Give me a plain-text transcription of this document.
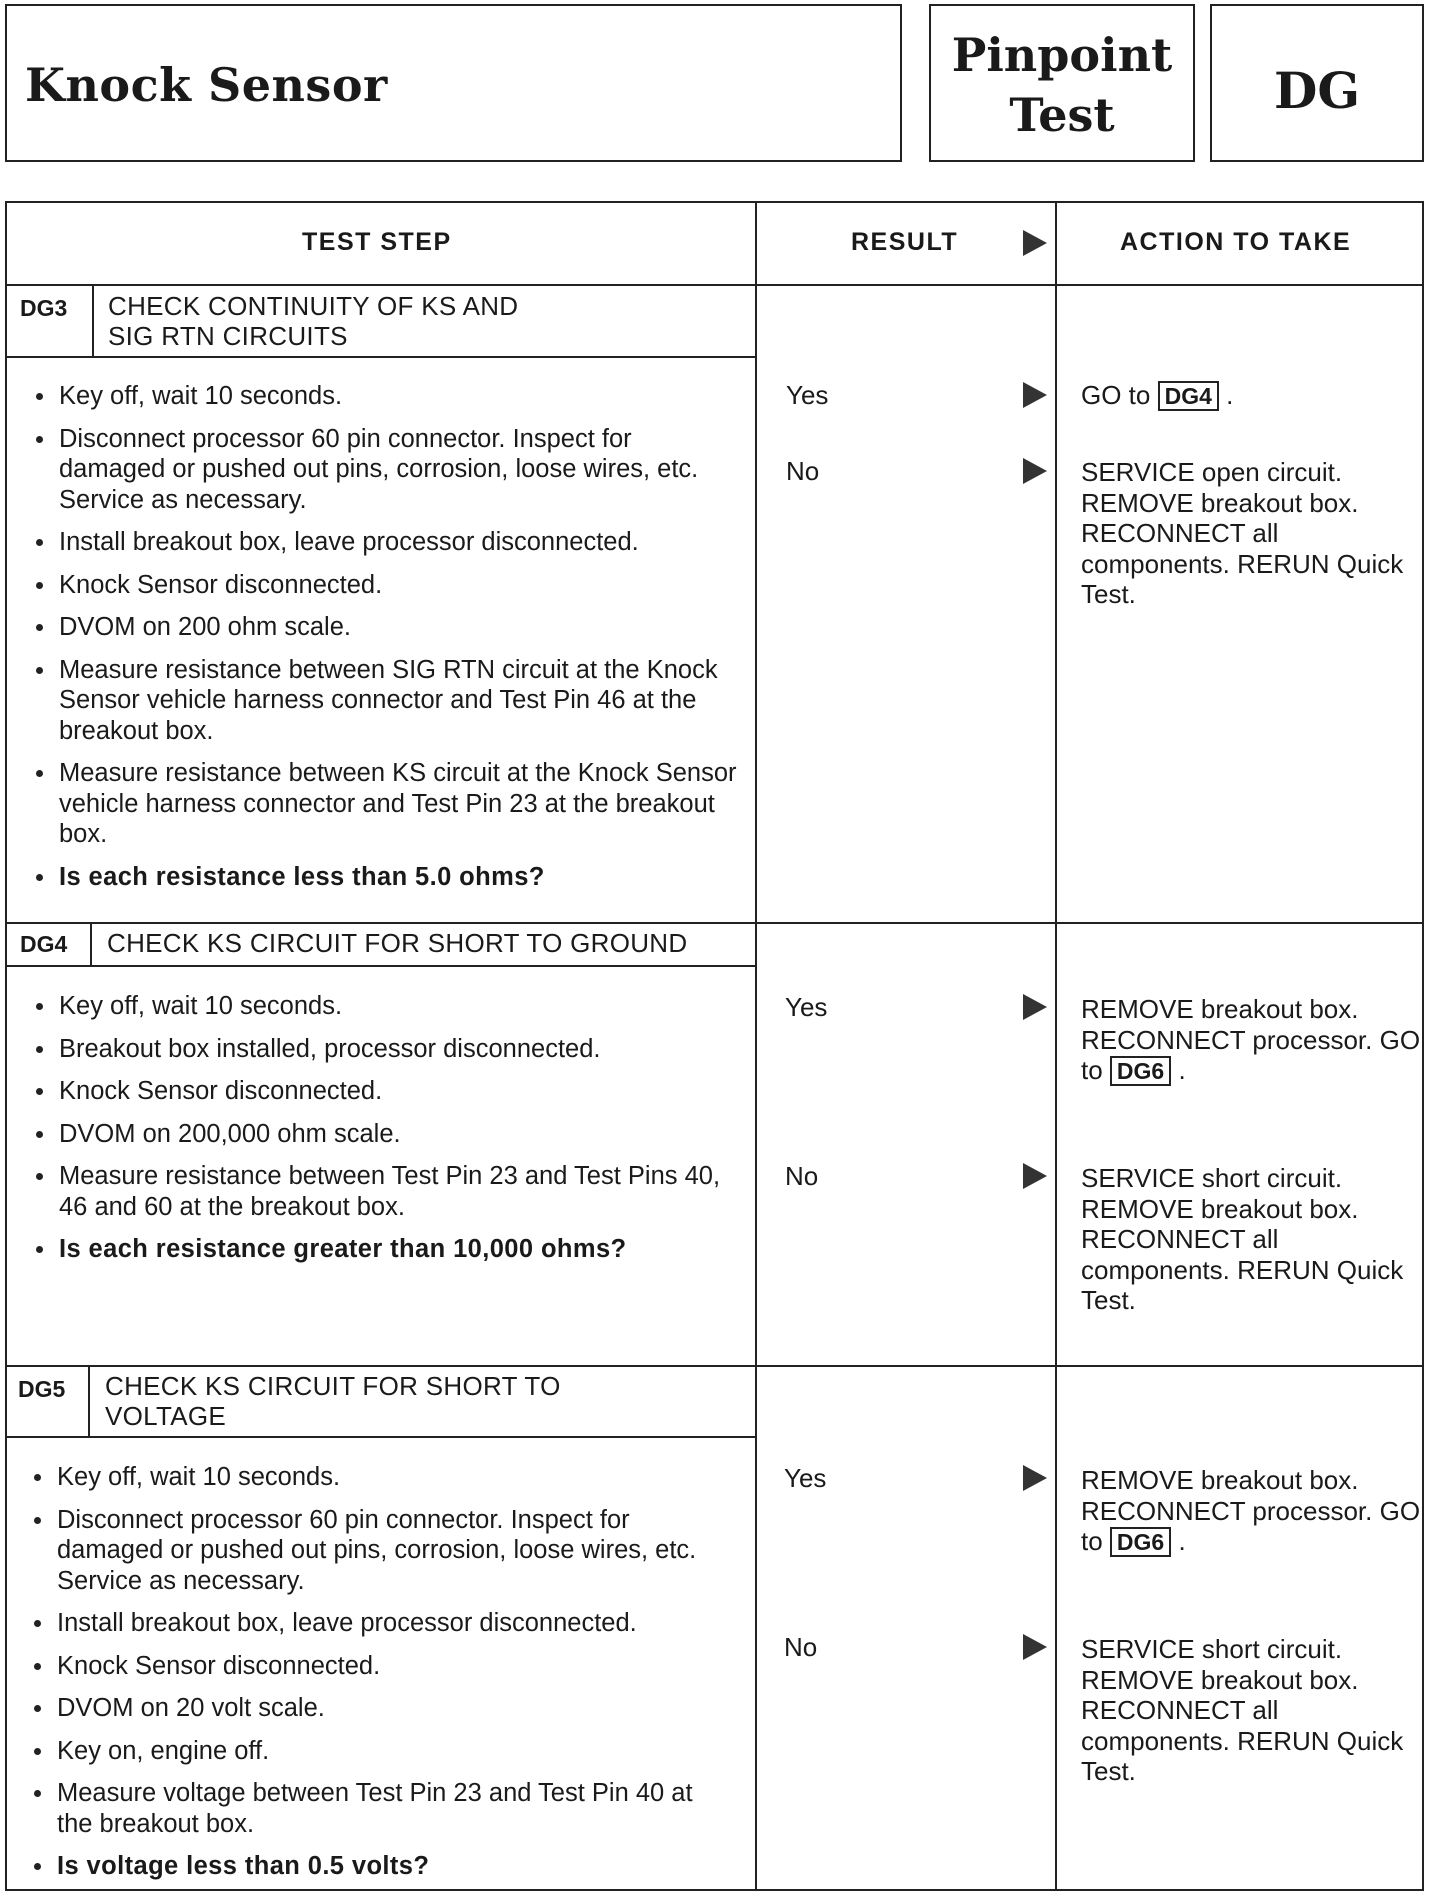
Knock Sensor
Pinpoint
Test	DG
TEST STEP	RESULT	ACTION TO TAKE
DG3 CHECK CONTINUITY OF KS AND
SIG RTN CIRCUITS
Key off, wait 10 seconds.
Disconnect processor 60 pin connector. Inspect for damaged or pushed out pins, corrosion, loose wires, etc. Service as necessary.
Install breakout box, leave processor disconnected.
Knock Sensor disconnected.
DVOM on 200 ohm scale.
Measure resistance between SIG RTN circuit at the Knock Sensor vehicle harness connector and Test Pin 46 at the breakout box.
Measure resistance between KS circuit at the Knock Sensor vehicle harness connector and Test Pin 23 at the breakout box.
Is each resistance less than 5.0 ohms?
Yes	GO to DG4 .
No	SERVICE open circuit. REMOVE breakout box. RECONNECT all components. RERUN Quick Test.
DG4 CHECK KS CIRCUIT FOR SHORT TO GROUND
Key off, wait 10 seconds.
Breakout box installed, processor disconnected.
Knock Sensor disconnected.
DVOM on 200,000 ohm scale.
Measure resistance between Test Pin 23 and Test Pins 40, 46 and 60 at the breakout box.
Is each resistance greater than 10,000 ohms?
Yes	REMOVE breakout box. RECONNECT processor. GO to DG6 .
No	SERVICE short circuit. REMOVE breakout box. RECONNECT all components. RERUN Quick Test.
DG5 CHECK KS CIRCUIT FOR SHORT TO
VOLTAGE
Key off, wait 10 seconds.
Disconnect processor 60 pin connector. Inspect for damaged or pushed out pins, corrosion, loose wires, etc. Service as necessary.
Install breakout box, leave processor disconnected.
Knock Sensor disconnected.
DVOM on 20 volt scale.
Key on, engine off.
Measure voltage between Test Pin 23 and Test Pin 40 at the breakout box.
Is voltage less than 0.5 volts?
Yes	REMOVE breakout box. RECONNECT processor. GO to DG6 .
No	SERVICE short circuit. REMOVE breakout box. RECONNECT all components. RERUN Quick Test.
